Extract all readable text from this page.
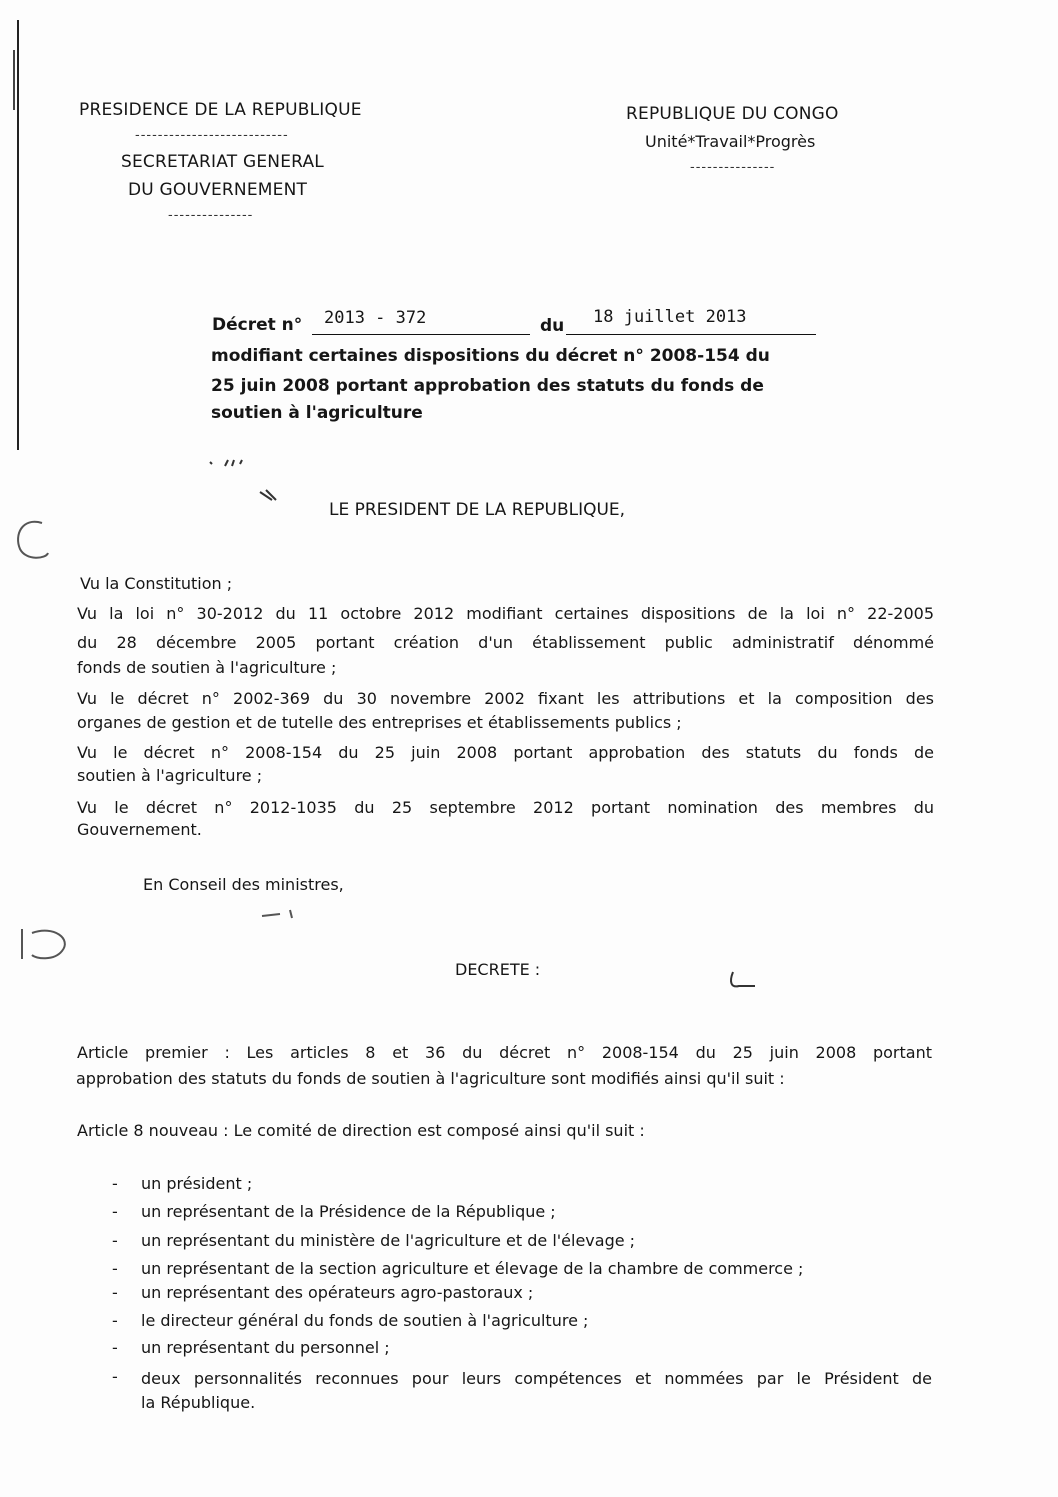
PRESIDENCE DE LA REPUBLIQUE
---------------------------
SECRETARIAT GENERAL
DU GOUVERNEMENT
---------------
REPUBLIQUE DU CONGO
Unité*Travail*Progrès
---------------
Décret n° 2013 - 372	du 18 juillet 2013
modifiant certaines dispositions du décret n° 2008-154 du
25 juin 2008 portant approbation des statuts du fonds de
soutien à l'agriculture
LE PRESIDENT DE LA REPUBLIQUE,
Vu la Constitution ;
Vu la loi n° 30-2012 du 11 octobre 2012 modifiant certaines dispositions de la loi n° 22-2005
du 28 décembre 2005 portant création d'un établissement public administratif dénommé
fonds de soutien à l'agriculture ;
Vu le décret n° 2002-369 du 30 novembre 2002 fixant les attributions et la composition des
organes de gestion et de tutelle des entreprises et établissements publics ;
Vu le décret n° 2008-154 du 25 juin 2008 portant approbation des statuts du fonds de
soutien à l'agriculture ;
Vu le décret n° 2012-1035 du 25 septembre 2012 portant nomination des membres du
Gouvernement.
En Conseil des ministres,
DECRETE :
Article premier : Les articles 8 et 36 du décret n° 2008-154 du 25 juin 2008 portant
approbation des statuts du fonds de soutien à l'agriculture sont modifiés ainsi qu'il suit :
Article 8 nouveau : Le comité de direction est composé ainsi qu'il suit :
- un président ;
- un représentant de la Présidence de la République ;
- un représentant du ministère de l'agriculture et de l'élevage ;
- un représentant de la section agriculture et élevage de la chambre de commerce ;
- un représentant des opérateurs agro-pastoraux ;
- le directeur général du fonds de soutien à l'agriculture ;
- un représentant du personnel ;
- deux personnalités reconnues pour leurs compétences et nommées par le Président de
la République.
